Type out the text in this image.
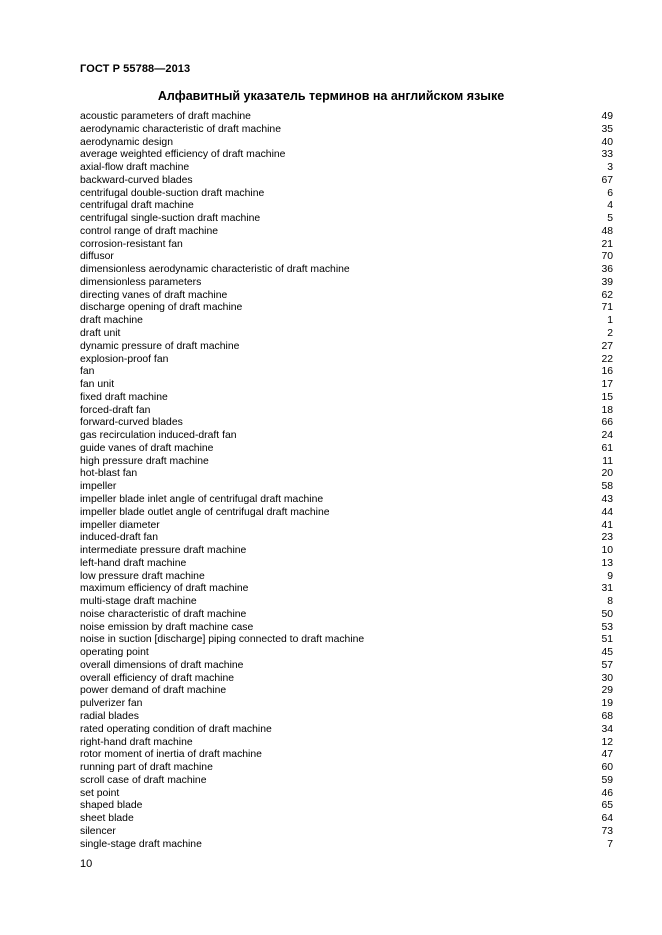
ГОСТ Р 55788—2013
Алфавитный указатель терминов на английском языке
acoustic parameters of draft machine	49
aerodynamic characteristic of draft machine	35
aerodynamic design	40
average weighted efficiency of draft machine	33
axial-flow draft machine	3
backward-curved blades	67
centrifugal double-suction draft machine	6
centrifugal draft machine	4
centrifugal single-suction draft machine	5
control range of draft machine	48
corrosion-resistant fan	21
diffusor	70
dimensionless aerodynamic characteristic of draft machine	36
dimensionless parameters	39
directing vanes of draft machine	62
discharge opening of draft machine	71
draft machine	1
draft unit	2
dynamic pressure of draft machine	27
explosion-proof fan	22
fan	16
fan unit	17
fixed draft machine	15
forced-draft fan	18
forward-curved blades	66
gas recirculation induced-draft fan	24
guide vanes of draft machine	61
high pressure draft machine	11
hot-blast fan	20
impeller	58
impeller blade inlet angle of centrifugal draft machine	43
impeller blade outlet angle of centrifugal draft machine	44
impeller diameter	41
induced-draft fan	23
intermediate pressure draft machine	10
left-hand draft machine	13
low pressure draft machine	9
maximum efficiency of draft machine	31
multi-stage draft machine	8
noise characteristic of draft machine	50
noise emission by draft machine case	53
noise in suction [discharge] piping connected to draft machine	51
operating point	45
overall dimensions of draft machine	57
overall efficiency of draft machine	30
power demand of draft machine	29
pulverizer fan	19
radial blades	68
rated operating condition of draft machine	34
right-hand draft machine	12
rotor moment of inertia of draft machine	47
running part of draft machine	60
scroll case of draft machine	59
set point	46
shaped blade	65
sheet blade	64
silencer	73
single-stage draft machine	7
10
